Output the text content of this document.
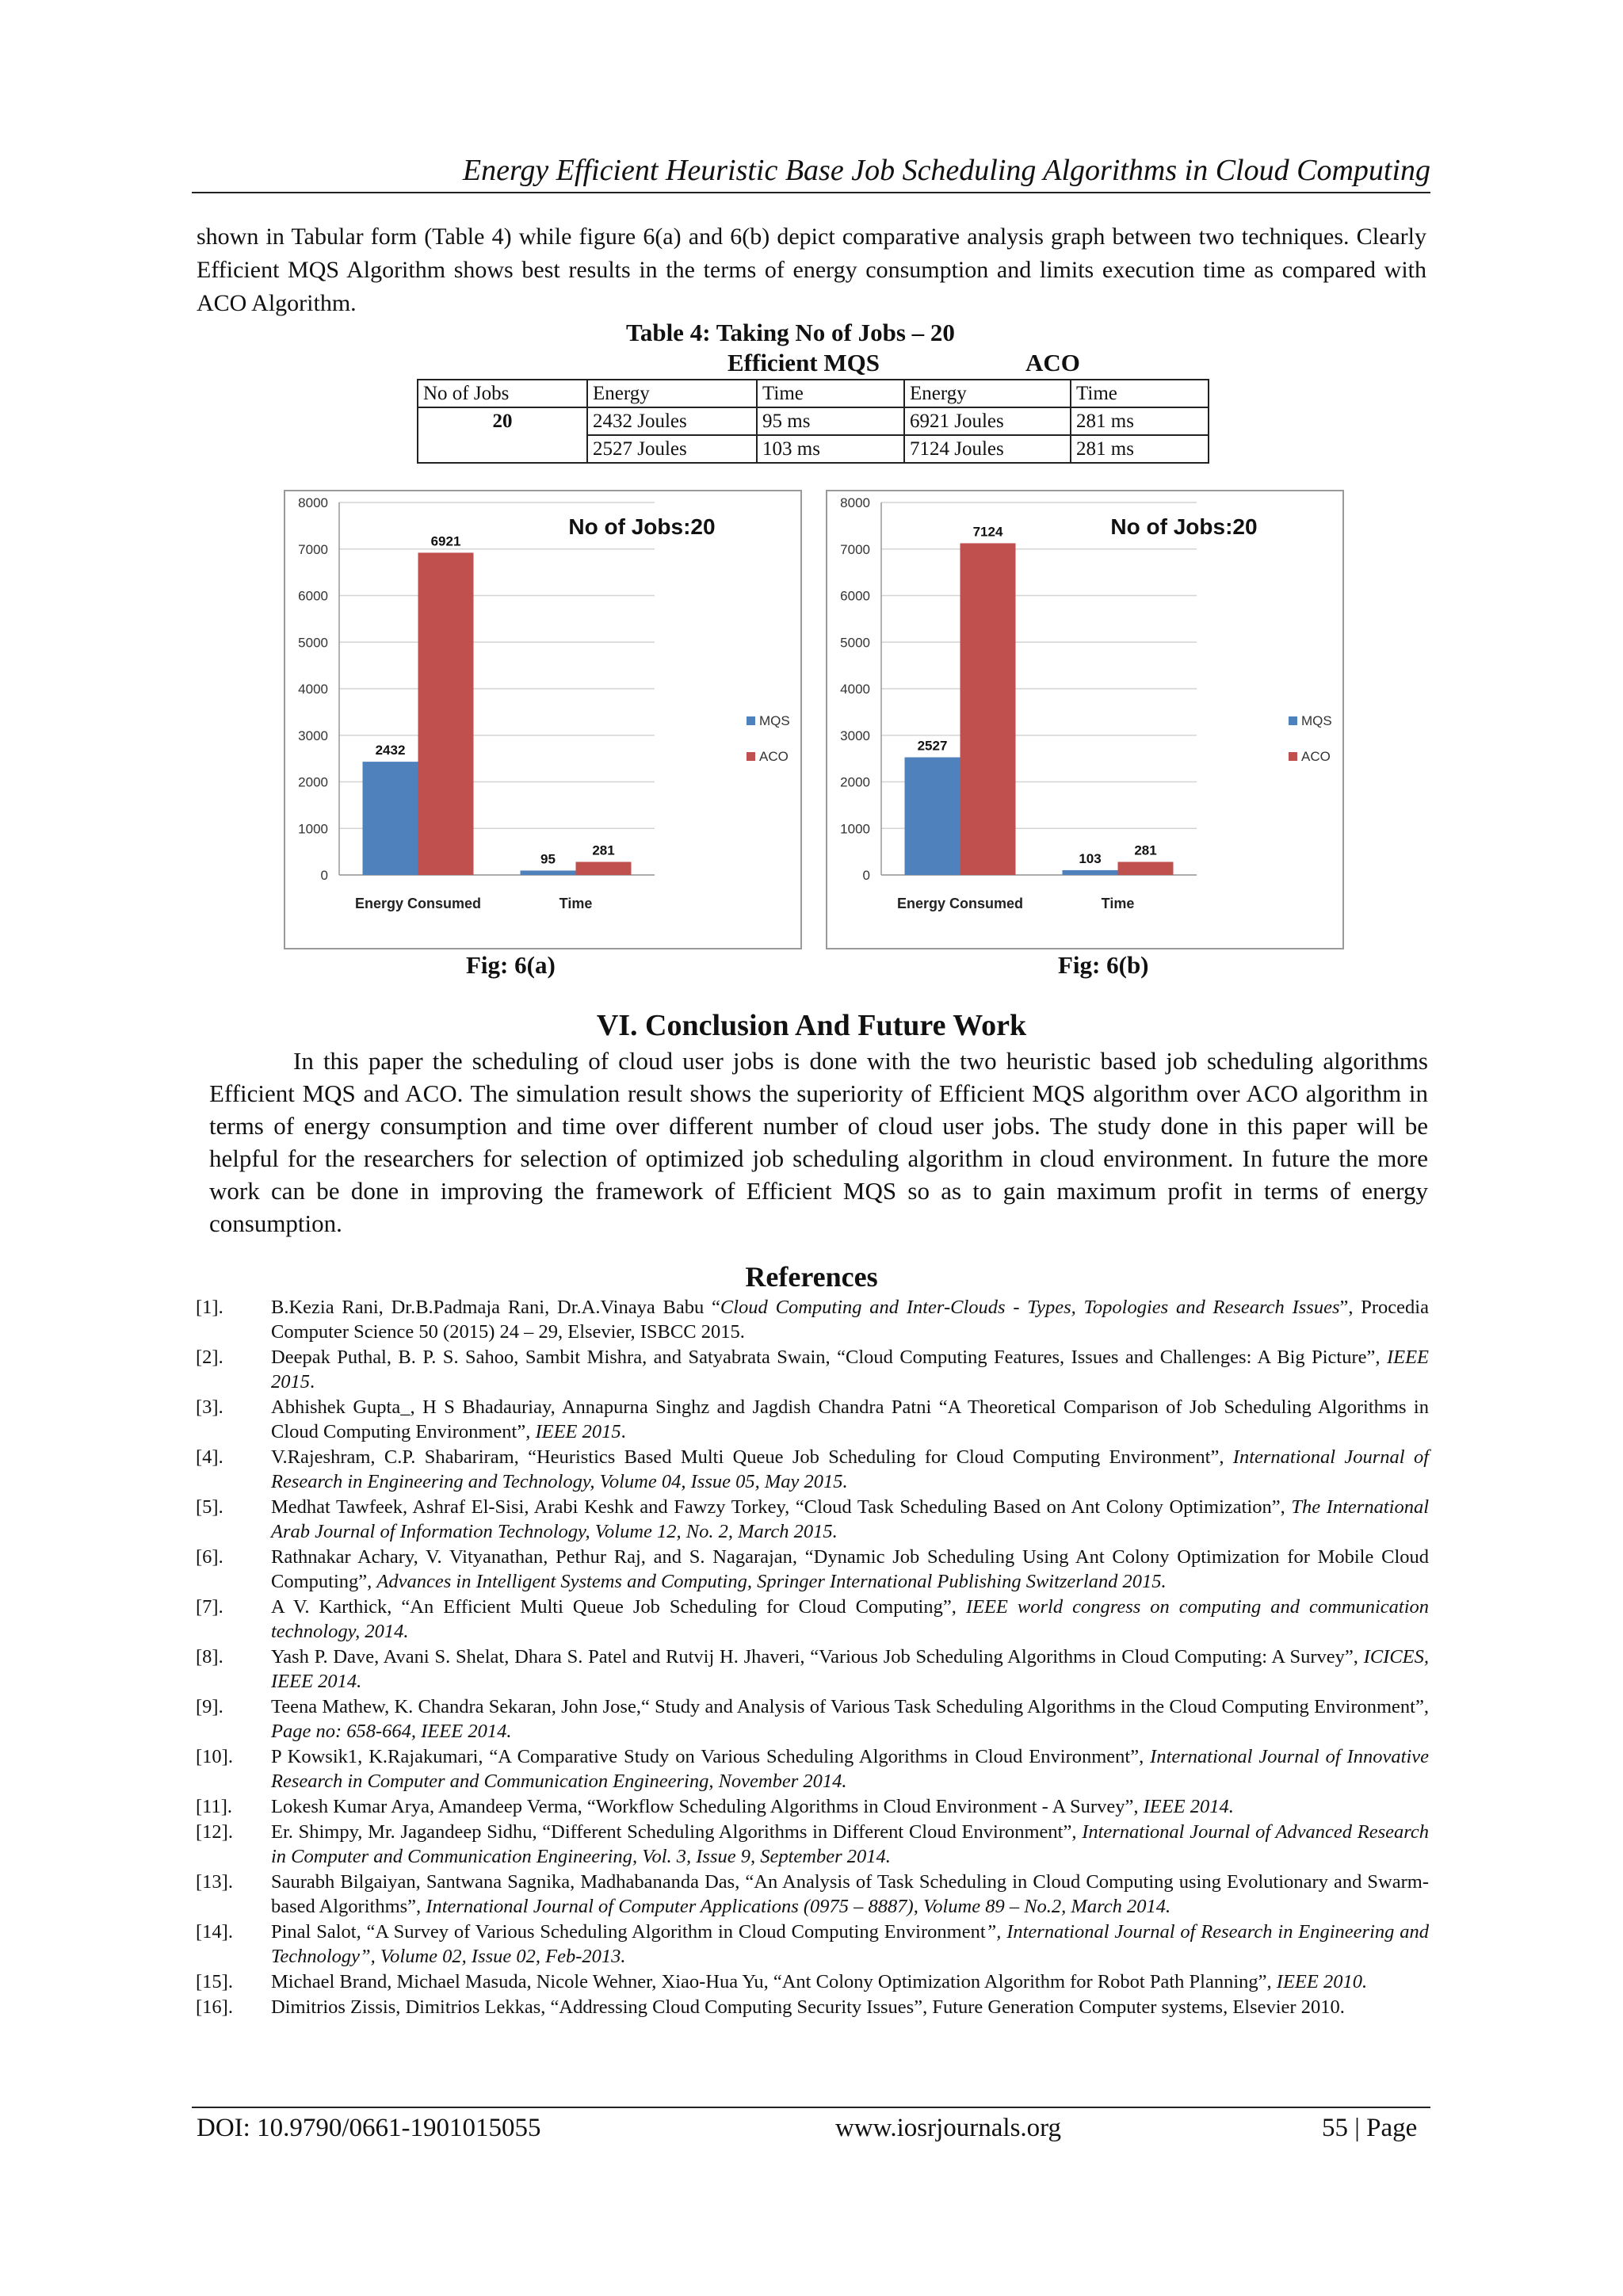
Energy Efficient Heuristic Base Job Scheduling Algorithms in Cloud Computing
shown in Tabular form (Table 4) while figure 6(a) and 6(b) depict comparative analysis graph between two techniques. Clearly Efficient MQS Algorithm shows best results in the terms of energy consumption and limits execution time as compared with ACO Algorithm.
Table 4: Taking No of Jobs – 20
Efficient MQS	ACO
No of Jobs	Energy	Time	Energy	Time
20	2432 Joules	95 ms	6921 Joules	281 ms
	2527 Joules	103 ms	7124 Joules	281 ms
0
1000
2000
3000
4000
5000
6000
7000
8000
2432
6921
Energy Consumed
95
281
Time
No of Jobs:20
MQS
ACO
0
1000
2000
3000
4000
5000
6000
7000
8000
2527
7124
Energy Consumed
103
281
Time
No of Jobs:20
MQS
ACO
Fig: 6(a)	Fig: 6(b)
VI. Conclusion And Future Work

In this paper the scheduling of cloud user jobs is done with the two heuristic based job scheduling algorithms Efficient MQS and ACO. The simulation result shows the superiority of Efficient MQS algorithm over ACO algorithm in terms of energy consumption and time over different number of cloud user jobs. The study done in this paper will be helpful for the researchers for selection of optimized job scheduling algorithm in cloud environment. In future the more work can be done in improving the framework of Efficient MQS so as to gain maximum profit in terms of energy consumption.

References
[1].	B.Kezia Rani, Dr.B.Padmaja Rani, Dr.A.Vinaya Babu “Cloud Computing and Inter-Clouds - Types, Topologies and Research Issues”, Procedia Computer Science 50 (2015) 24 – 29, Elsevier, ISBCC 2015.
[2].	Deepak Puthal, B. P. S. Sahoo, Sambit Mishra, and Satyabrata Swain, “Cloud Computing Features, Issues and Challenges: A Big Picture”, IEEE 2015.
[3].	Abhishek Gupta_, H S Bhadauriay, Annapurna Singhz and Jagdish Chandra Patni “A Theoretical Comparison of Job Scheduling Algorithms in Cloud Computing Environment”, IEEE 2015.
[4].	V.Rajeshram, C.P. Shabariram, “Heuristics Based Multi Queue Job Scheduling for Cloud Computing Environment”, International Journal of Research in Engineering and Technology, Volume 04, Issue 05, May 2015.
[5].	Medhat Tawfeek, Ashraf El-Sisi, Arabi Keshk and Fawzy Torkey, “Cloud Task Scheduling Based on Ant Colony Optimization”, The International Arab Journal of Information Technology, Volume 12, No. 2, March 2015.
[6].	Rathnakar Achary, V. Vityanathan, Pethur Raj, and S. Nagarajan, “Dynamic Job Scheduling Using Ant Colony Optimization for Mobile Cloud Computing”, Advances in Intelligent Systems and Computing, Springer International Publishing Switzerland 2015.
[7].	A V. Karthick, “An Efficient Multi Queue Job Scheduling for Cloud Computing”, IEEE world congress on computing and communication technology, 2014.
[8].	Yash P. Dave, Avani S. Shelat, Dhara S. Patel and Rutvij H. Jhaveri, “Various Job Scheduling Algorithms in Cloud Computing: A Survey”, ICICES, IEEE 2014.
[9].	Teena Mathew, K. Chandra Sekaran, John Jose,“ Study and Analysis of Various Task Scheduling Algorithms in the Cloud Computing Environment”, Page no: 658-664, IEEE 2014.
[10].	P Kowsik1, K.Rajakumari, “A Comparative Study on Various Scheduling Algorithms in Cloud Environment”, International Journal of Innovative Research in Computer and Communication Engineering, November 2014.
[11].	Lokesh Kumar Arya, Amandeep Verma, “Workflow Scheduling Algorithms in Cloud Environment - A Survey”, IEEE 2014.
[12].	Er. Shimpy, Mr. Jagandeep Sidhu, “Different Scheduling Algorithms in Different Cloud Environment”, International Journal of Advanced Research in Computer and Communication Engineering, Vol. 3, Issue 9, September 2014.
[13].	Saurabh Bilgaiyan, Santwana Sagnika, Madhabananda Das, “An Analysis of Task Scheduling in Cloud Computing using Evolutionary and Swarm-based Algorithms”, International Journal of Computer Applications (0975 – 8887), Volume 89 – No.2, March 2014.
[14].	Pinal Salot, “A Survey of Various Scheduling Algorithm in Cloud Computing Environment”, International Journal of Research in Engineering and Technology”, Volume 02, Issue 02, Feb-2013.
[15].	Michael Brand, Michael Masuda, Nicole Wehner, Xiao-Hua Yu, “Ant Colony Optimization Algorithm for Robot Path Planning”, IEEE 2010.
[16].	Dimitrios Zissis, Dimitrios Lekkas, “Addressing Cloud Computing Security Issues”, Future Generation Computer systems, Elsevier 2010.
DOI: 10.9790/0661-1901015055	www.iosrjournals.org	55 | Page
